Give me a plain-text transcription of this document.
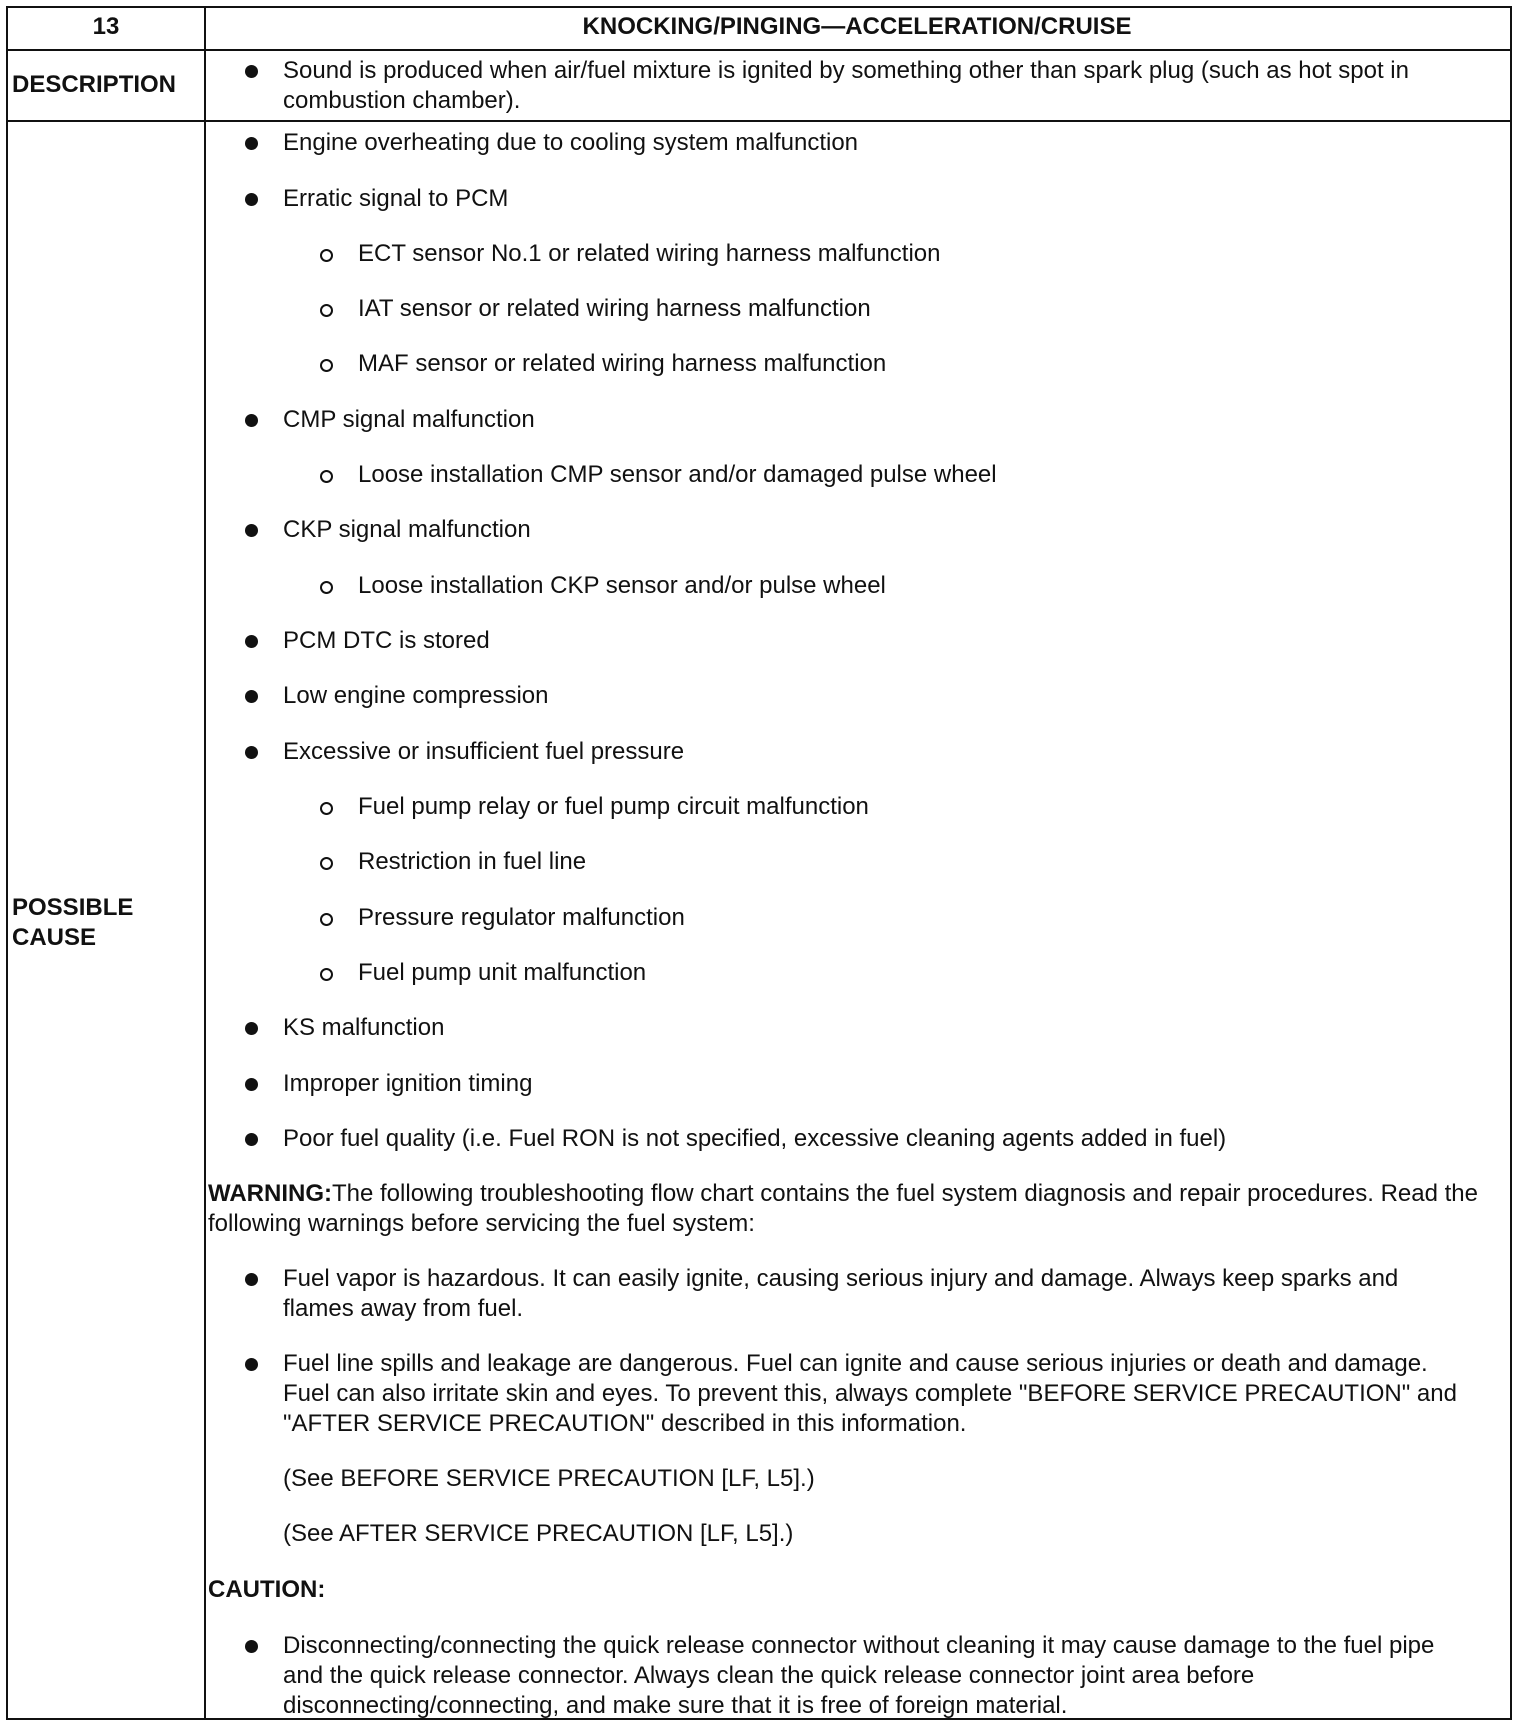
13	KNOCKING/PINGING—ACCELERATION/CRUISE
DESCRIPTION
Sound is produced when air/fuel mixture is ignited by something other than spark plug (such as hot spot in combustion chamber).
POSSIBLE
CAUSE
Engine overheating due to cooling system malfunction
Erratic signal to PCM
ECT sensor No.1 or related wiring harness malfunction
IAT sensor or related wiring harness malfunction
MAF sensor or related wiring harness malfunction
CMP signal malfunction
Loose installation CMP sensor and/or damaged pulse wheel
CKP signal malfunction
Loose installation CKP sensor and/or pulse wheel
PCM DTC is stored
Low engine compression
Excessive or insufficient fuel pressure
Fuel pump relay or fuel pump circuit malfunction
Restriction in fuel line
Pressure regulator malfunction
Fuel pump unit malfunction
KS malfunction
Improper ignition timing
Poor fuel quality (i.e. Fuel RON is not specified, excessive cleaning agents added in fuel)
WARNING:The following troubleshooting flow chart contains the fuel system diagnosis and repair procedures. Read the following warnings before servicing the fuel system:
Fuel vapor is hazardous. It can easily ignite, causing serious injury and damage. Always keep sparks and flames away from fuel.
Fuel line spills and leakage are dangerous. Fuel can ignite and cause serious injuries or death and damage. Fuel can also irritate skin and eyes. To prevent this, always complete "BEFORE SERVICE PRECAUTION" and "AFTER SERVICE PRECAUTION" described in this information.
(See BEFORE SERVICE PRECAUTION [LF, L5].)
(See AFTER SERVICE PRECAUTION [LF, L5].)
CAUTION:
Disconnecting/connecting the quick release connector without cleaning it may cause damage to the fuel pipe and the quick release connector. Always clean the quick release connector joint area before disconnecting/connecting, and make sure that it is free of foreign material.
